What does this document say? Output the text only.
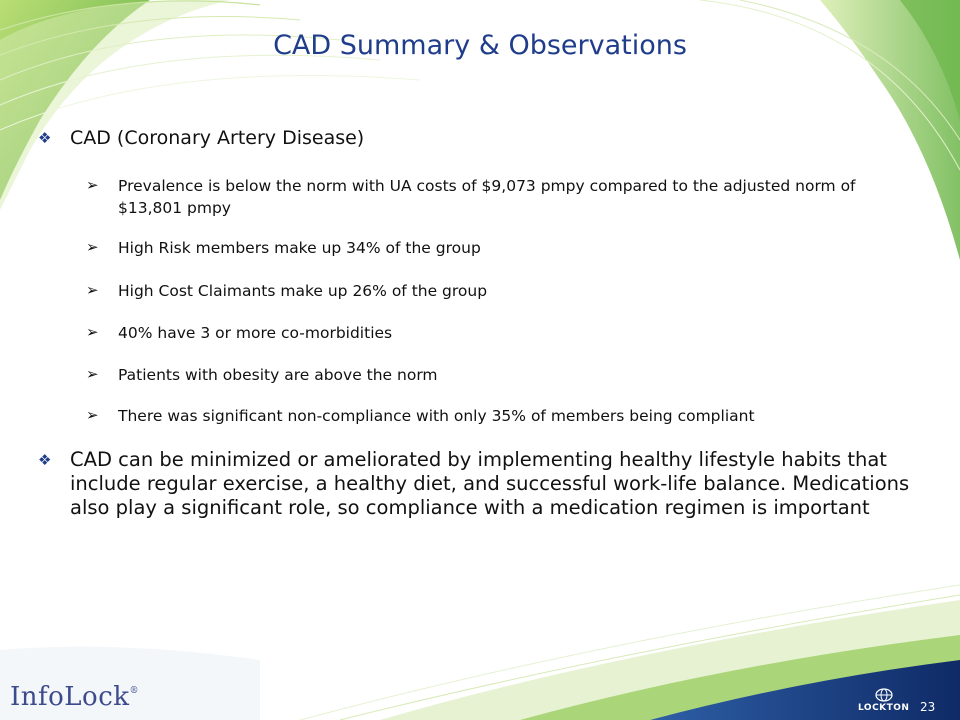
CAD Summary & Observations
❖ CAD (Coronary Artery Disease)
➢	Prevalence is below the norm with UA costs of $9,073 pmpy compared to the adjusted norm of $13,801 pmpy
➢	High Risk members make up 34% of the group
➢	High Cost Claimants make up 26% of the group
➢	40% have 3 or more co-morbidities
➢	Patients with obesity are above the norm
➢	There was significant non-compliance with only 35% of members being compliant
❖ CAD can be minimized or ameliorated by implementing healthy lifestyle habits that include regular exercise, a healthy diet, and successful work-life balance. Medications also play a significant role, so compliance with a medication regimen is important
InfoLock®
LOCKTON 23
